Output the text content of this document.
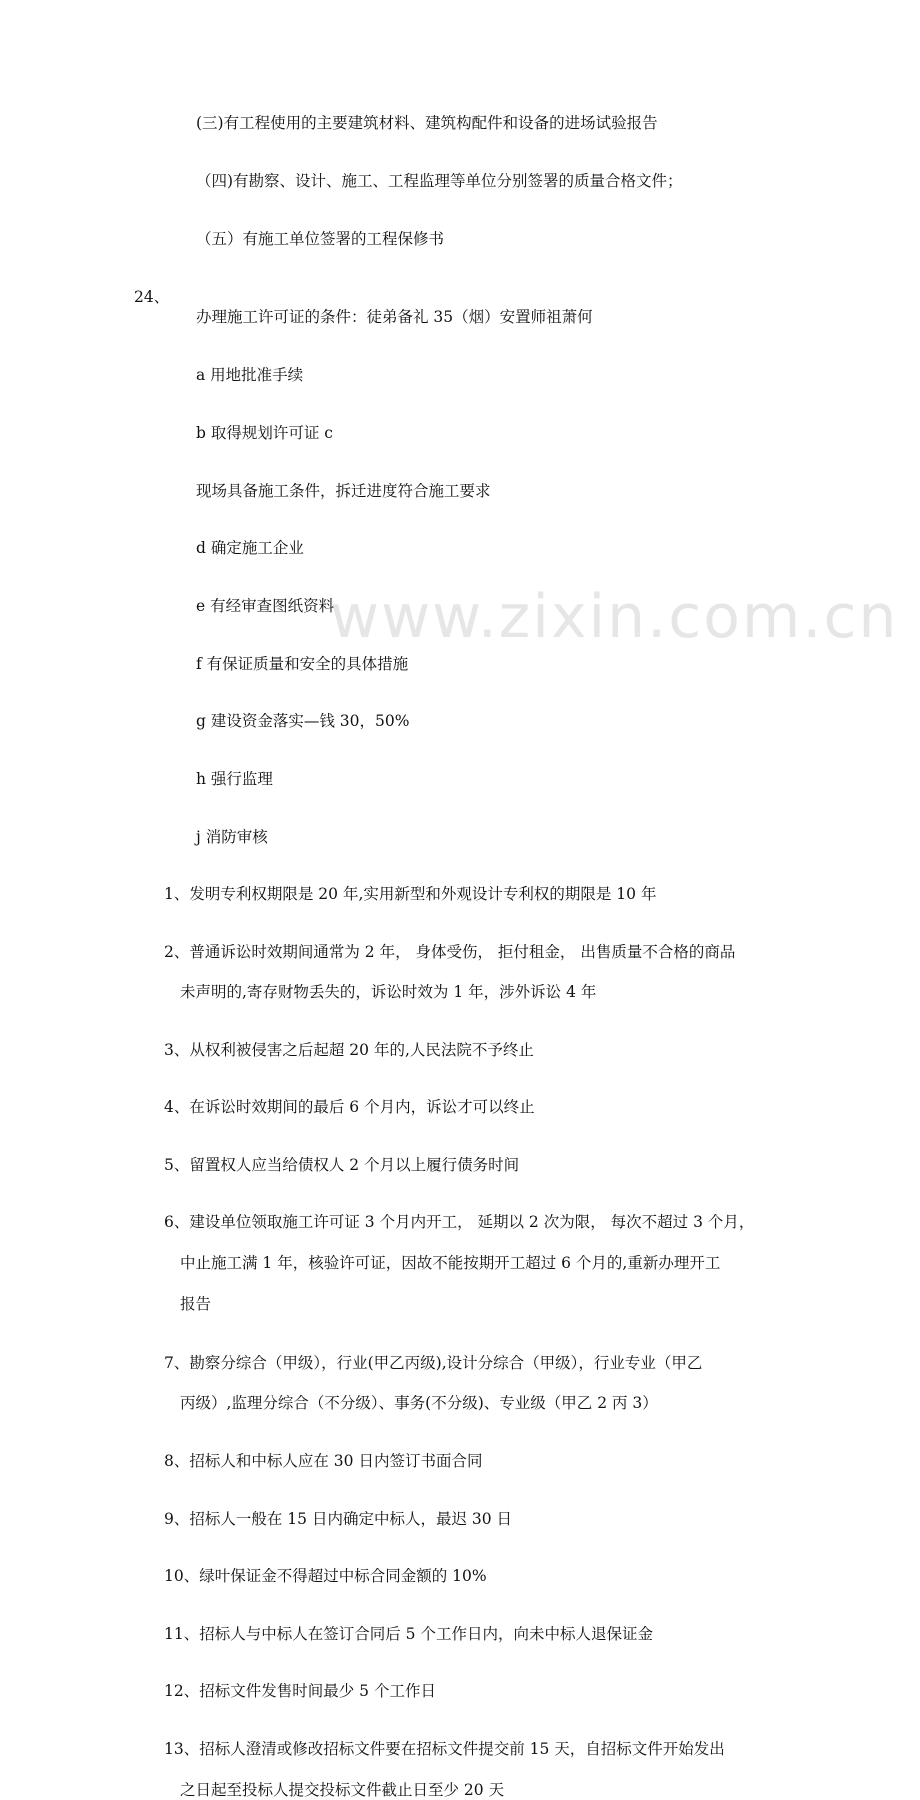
www.zixin.com.cn
(三)有工程使用的主要建筑材料、建筑构配件和设备的进场试验报告
（四)有勘察、设计、施工、工程监理等单位分别签署的质量合格文件；
（五）有施工单位签署的工程保修书
24、
办理施工许可证的条件：徒弟备礼 35（烟）安置师祖萧何
a 用地批准手续
b 取得规划许可证 c
现场具备施工条件，拆迁进度符合施工要求
d 确定施工企业
e 有经审查图纸资料
f 有保证质量和安全的具体措施
g 建设资金落实—钱 30，50%
h 强行监理
j 消防审核
1、发明专利权期限是 20 年,实用新型和外观设计专利权的期限是 10 年
2、普通诉讼时效期间通常为 2 年， 身体受伤， 拒付租金， 出售质量不合格的商品
未声明的,寄存财物丢失的，诉讼时效为 1 年，涉外诉讼 4 年
3、从权利被侵害之后起超 20 年的,人民法院不予终止
4、在诉讼时效期间的最后 6 个月内，诉讼才可以终止
5、留置权人应当给债权人 2 个月以上履行债务时间
6、建设单位领取施工许可证 3 个月内开工， 延期以 2 次为限， 每次不超过 3 个月，
中止施工满 1 年，核验许可证，因故不能按期开工超过 6 个月的,重新办理开工
报告
7、勘察分综合（甲级），行业(甲乙丙级),设计分综合（甲级），行业专业（甲乙
丙级）,监理分综合（不分级）、事务(不分级)、专业级（甲乙 2 丙 3）
8、招标人和中标人应在 30 日内签订书面合同
9、招标人一般在 15 日内确定中标人，最迟 30 日
10、绿叶保证金不得超过中标合同金额的 10%
11、招标人与中标人在签订合同后 5 个工作日内，向未中标人退保证金
12、招标文件发售时间最少 5 个工作日
13、招标人澄清或修改招标文件要在招标文件提交前 15 天，自招标文件开始发出
之日起至投标人提交投标文件截止日至少 20 天
